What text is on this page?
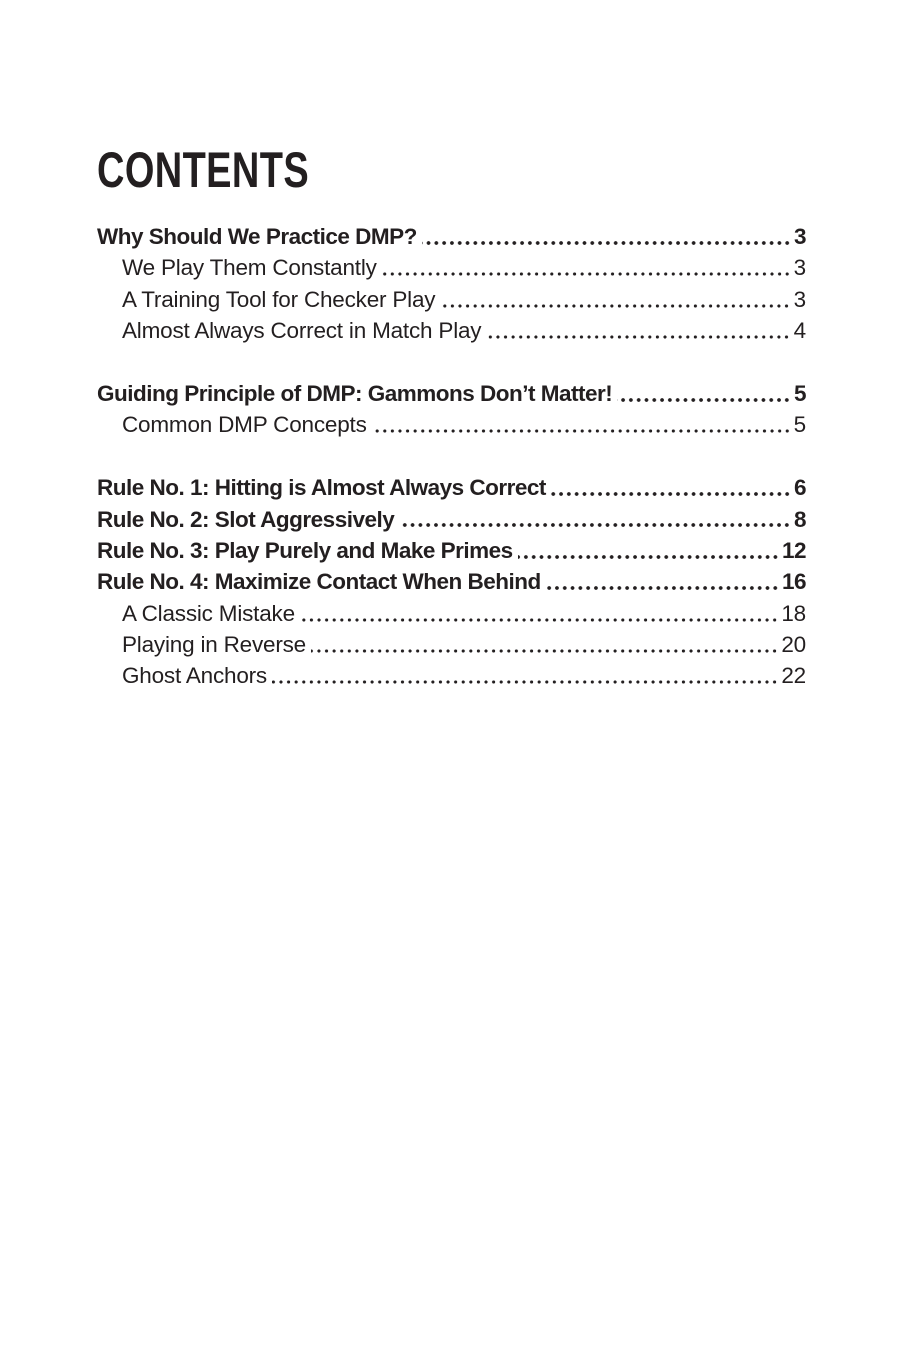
CONTENTS
Why Should We Practice DMP?	3
We Play Them Constantly	3
A Training Tool for Checker Play	3
Almost Always Correct in Match Play	4
Guiding Principle of DMP: Gammons Don’t Matter!	5
Common DMP Concepts	5
Rule No. 1: Hitting is Almost Always Correct	6
Rule No. 2: Slot Aggressively	8
Rule No. 3: Play Purely and Make Primes	12
Rule No. 4: Maximize Contact When Behind	16
A Classic Mistake	18
Playing in Reverse	20
Ghost Anchors	22
